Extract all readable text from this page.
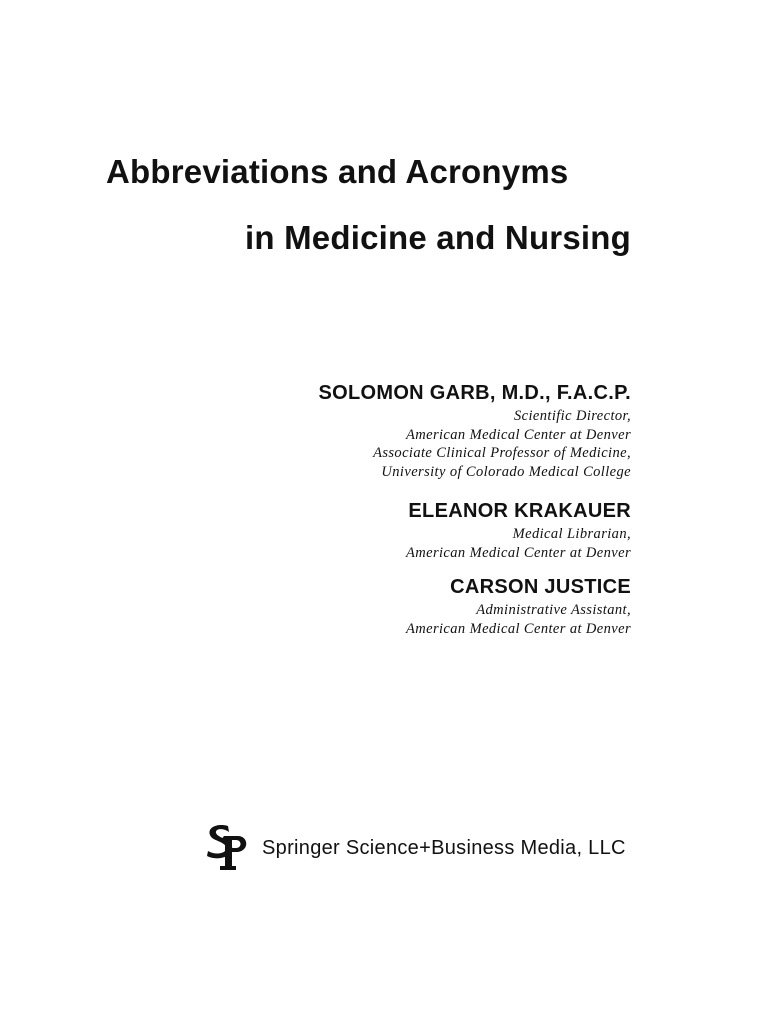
Abbreviations and Acronyms
in Medicine and Nursing
SOLOMON GARB, M.D., F.A.C.P.
Scientific Director,
American Medical Center at Denver
Associate Clinical Professor of Medicine,
University of Colorado Medical College
ELEANOR KRAKAUER
Medical Librarian,
American Medical Center at Denver
CARSON JUSTICE
Administrative Assistant,
American Medical Center at Denver
Springer Science+Business Media, LLC
